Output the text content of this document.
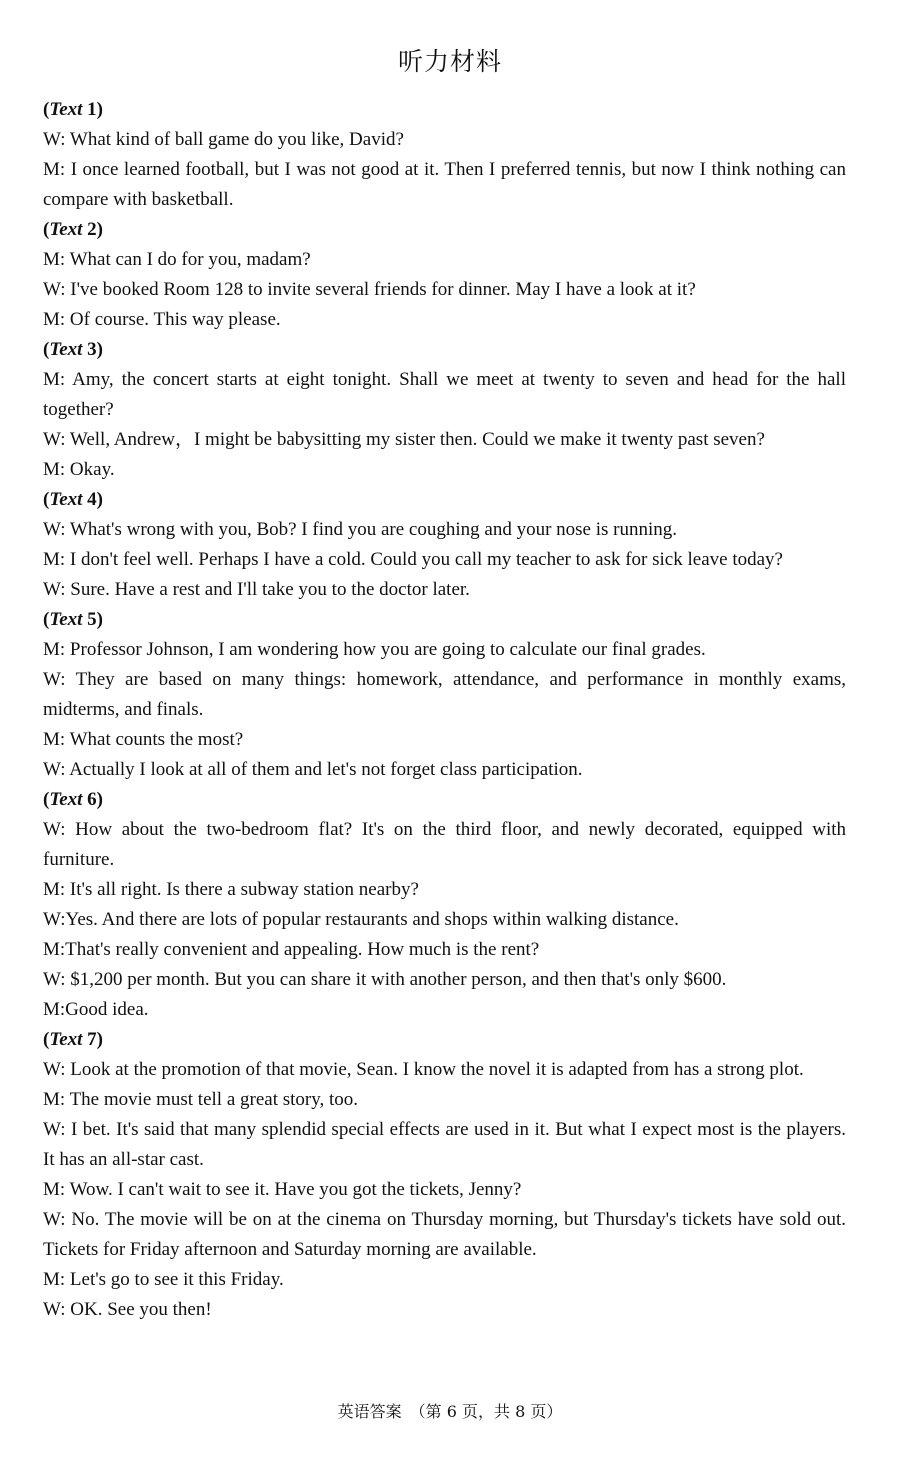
听力材料
(Text 1)

W: What kind of ball game do you like, David?

M: I once learned football, but I was not good at it. Then I preferred tennis, but now I think nothing can compare with basketball.

(Text 2)

M: What can I do for you, madam?

W: I've booked Room 128 to invite several friends for dinner. May I have a look at it?

M: Of course. This way please.

(Text 3)

M: Amy, the concert starts at eight tonight. Shall we meet at twenty to seven and head for the hall together?

W: Well, Andrew，I might be babysitting my sister then. Could we make it twenty past seven?

M: Okay.

(Text 4)

W: What's wrong with you, Bob? I find you are coughing and your nose is running.

M: I don't feel well. Perhaps I have a cold. Could you call my teacher to ask for sick leave today?

W: Sure. Have a rest and I'll take you to the doctor later.

(Text 5)

M: Professor Johnson, I am wondering how you are going to calculate our final grades.

W: They are based on many things: homework, attendance, and performance in monthly exams, midterms, and finals.

M: What counts the most?

W: Actually I look at all of them and let's not forget class participation.

(Text 6)

W: How about the two-bedroom flat? It's on the third floor, and newly decorated, equipped with furniture.

M: It's all right. Is there a subway station nearby?

W:Yes. And there are lots of popular restaurants and shops within walking distance.

M:That's really convenient and appealing. How much is the rent?

W: $1,200 per month. But you can share it with another person, and then that's only $600.

M:Good idea.

(Text 7)

W: Look at the promotion of that movie, Sean. I know the novel it is adapted from has a strong plot.

M: The movie must tell a great story, too.

W: I bet. It's said that many splendid special effects are used in it. But what I expect most is the players. It has an all-star cast.

M: Wow. I can't wait to see it. Have you got the tickets, Jenny?

W: No. The movie will be on at the cinema on Thursday morning, but Thursday's tickets have sold out. Tickets for Friday afternoon and Saturday morning are available.

M: Let's go to see it this Friday.

W: OK. See you then!

英语答案　（第 6 页，共 8 页）
